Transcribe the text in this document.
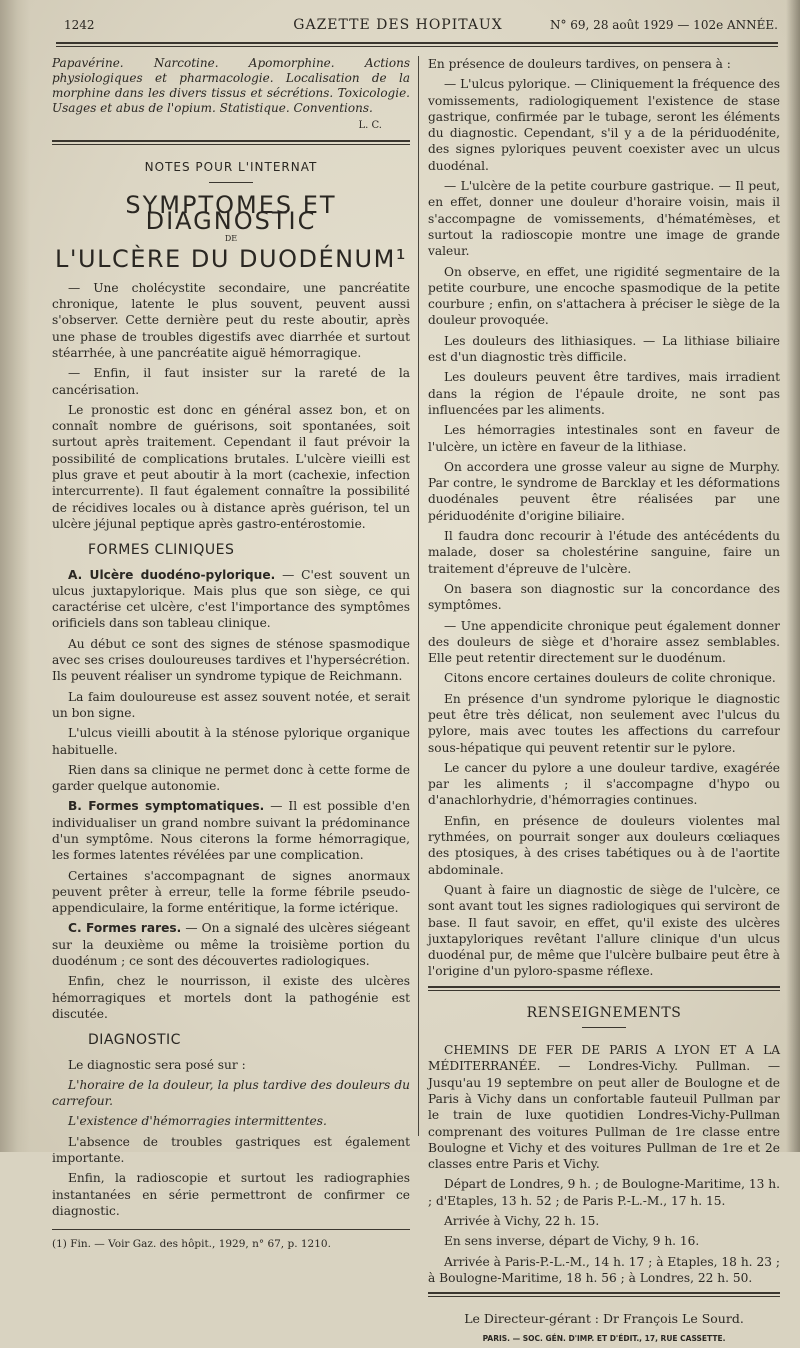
1242	GAZETTE DES HOPITAUX	N° 69, 28 août 1929 — 102e ANNÉE.

Papavérine. Narcotine. Apomorphine. Actions physiologiques et pharmacologie. Localisation de la morphine dans les divers tissus et sécrétions. Toxicologie. Usages et abus de l'opium. Statistique. Conventions.

L. C.
NOTES POUR L'INTERNAT
SYMPTOMES ET DIAGNOSTIC
DE
L'ULCÈRE DU DUODÉNUM¹

— Une cholécystite secondaire, une pancréatite chronique, latente le plus souvent, peuvent aussi s'observer. Cette dernière peut du reste aboutir, après une phase de troubles digestifs avec diarrhée et surtout stéarrhée, à une pancréatite aiguë hémorragique.

— Enfin, il faut insister sur la rareté de la cancérisation.

Le pronostic est donc en général assez bon, et on connaît nombre de guérisons, soit spontanées, soit surtout après traitement. Cependant il faut prévoir la possibilité de complications brutales. L'ulcère vieilli est plus grave et peut aboutir à la mort (cachexie, infection intercurrente). Il faut également connaître la possibilité de récidives locales ou à distance après guérison, tel un ulcère jéjunal peptique après gastro-entérostomie.

FORMES CLINIQUES

A. Ulcère duodéno-pylorique. — C'est souvent un ulcus juxtapylorique. Mais plus que son siège, ce qui caractérise cet ulcère, c'est l'importance des symptômes orificiels dans son tableau clinique.

Au début ce sont des signes de sténose spasmodique avec ses crises douloureuses tardives et l'hypersécrétion. Ils peuvent réaliser un syndrome typique de Reichmann.

La faim douloureuse est assez souvent notée, et serait un bon signe.

L'ulcus vieilli aboutit à la sténose pylorique organique habituelle.

Rien dans sa clinique ne permet donc à cette forme de garder quelque autonomie.

B. Formes symptomatiques. — Il est possible d'en individualiser un grand nombre suivant la prédominance d'un symptôme. Nous citerons la forme hémorragique, les formes latentes révélées par une complication.

Certaines s'accompagnant de signes anormaux peuvent prêter à erreur, telle la forme fébrile pseudo-appendiculaire, la forme entéritique, la forme ictérique.

C. Formes rares. — On a signalé des ulcères siégeant sur la deuxième ou même la troisième portion du duodénum ; ce sont des découvertes radiologiques.

Enfin, chez le nourrisson, il existe des ulcères hémorragiques et mortels dont la pathogénie est discutée.

DIAGNOSTIC

Le diagnostic sera posé sur :

L'horaire de la douleur, la plus tardive des douleurs du carrefour.

L'existence d'hémorragies intermittentes.

L'absence de troubles gastriques est également importante.

Enfin, la radioscopie et surtout les radiographies instantanées en série permettront de confirmer ce diagnostic.

(1) Fin. — Voir Gaz. des hôpit., 1929, n° 67, p. 1210.

En présence de douleurs tardives, on pensera à :

— L'ulcus pylorique. — Cliniquement la fréquence des vomissements, radiologiquement l'existence de stase gastrique, confirmée par le tubage, seront les éléments du diagnostic. Cependant, s'il y a de la périduodénite, des signes pyloriques peuvent coexister avec un ulcus duodénal.

— L'ulcère de la petite courbure gastrique. — Il peut, en effet, donner une douleur d'horaire voisin, mais il s'accompagne de vomissements, d'hématémèses, et surtout la radioscopie montre une image de grande valeur.

On observe, en effet, une rigidité segmentaire de la petite courbure, une encoche spasmodique de la petite courbure ; enfin, on s'attachera à préciser le siège de la douleur provoquée.

Les douleurs des lithiasiques. — La lithiase biliaire est d'un diagnostic très difficile.

Les douleurs peuvent être tardives, mais irradient dans la région de l'épaule droite, ne sont pas influencées par les aliments.

Les hémorragies intestinales sont en faveur de l'ulcère, un ictère en faveur de la lithiase.

On accordera une grosse valeur au signe de Murphy. Par contre, le syndrome de Barcklay et les déformations duodénales peuvent être réalisées par une périduodénite d'origine biliaire.

Il faudra donc recourir à l'étude des antécédents du malade, doser sa cholestérine sanguine, faire un traitement d'épreuve de l'ulcère.

On basera son diagnostic sur la concordance des symptômes.

— Une appendicite chronique peut également donner des douleurs de siège et d'horaire assez semblables. Elle peut retentir directement sur le duodénum.

Citons encore certaines douleurs de colite chronique.

En présence d'un syndrome pylorique le diagnostic peut être très délicat, non seulement avec l'ulcus du pylore, mais avec toutes les affections du carrefour sous-hépatique qui peuvent retentir sur le pylore.

Le cancer du pylore a une douleur tardive, exagérée par les aliments ; il s'accompagne d'hypo ou d'anachlorhydrie, d'hémorragies continues.

Enfin, en présence de douleurs violentes mal rythmées, on pourrait songer aux douleurs cœliaques des ptosiques, à des crises tabétiques ou à de l'aortite abdominale.

Quant à faire un diagnostic de siège de l'ulcère, ce sont avant tout les signes radiologiques qui serviront de base. Il faut savoir, en effet, qu'il existe des ulcères juxtapyloriques revêtant l'allure clinique d'un ulcus duodénal pur, de même que l'ulcère bulbaire peut être à l'origine d'un pyloro-spasme réflexe.

RENSEIGNEMENTS

CHEMINS DE FER DE PARIS A LYON ET A LA MÉDITERRANÉE. — Londres-Vichy. Pullman. — Jusqu'au 19 septembre on peut aller de Boulogne et de Paris à Vichy dans un confortable fauteuil Pullman par le train de luxe quotidien Londres-Vichy-Pullman comprenant des voitures Pullman de 1re classe entre Boulogne et Vichy et des voitures Pullman de 1re et 2e classes entre Paris et Vichy.

Départ de Londres, 9 h. ; de Boulogne-Maritime, 13 h. ; d'Etaples, 13 h. 52 ; de Paris P.-L.-M., 17 h. 15.

Arrivée à Vichy, 22 h. 15.

En sens inverse, départ de Vichy, 9 h. 16.

Arrivée à Paris-P.-L.-M., 14 h. 17 ; à Etaples, 18 h. 23 ; à Boulogne-Maritime, 18 h. 56 ; à Londres, 22 h. 50.

Le Directeur-gérant : Dr François Le Sourd.
PARIS. — SOC. GÉN. D'IMP. ET D'ÉDIT., 17, RUE CASSETTE.
